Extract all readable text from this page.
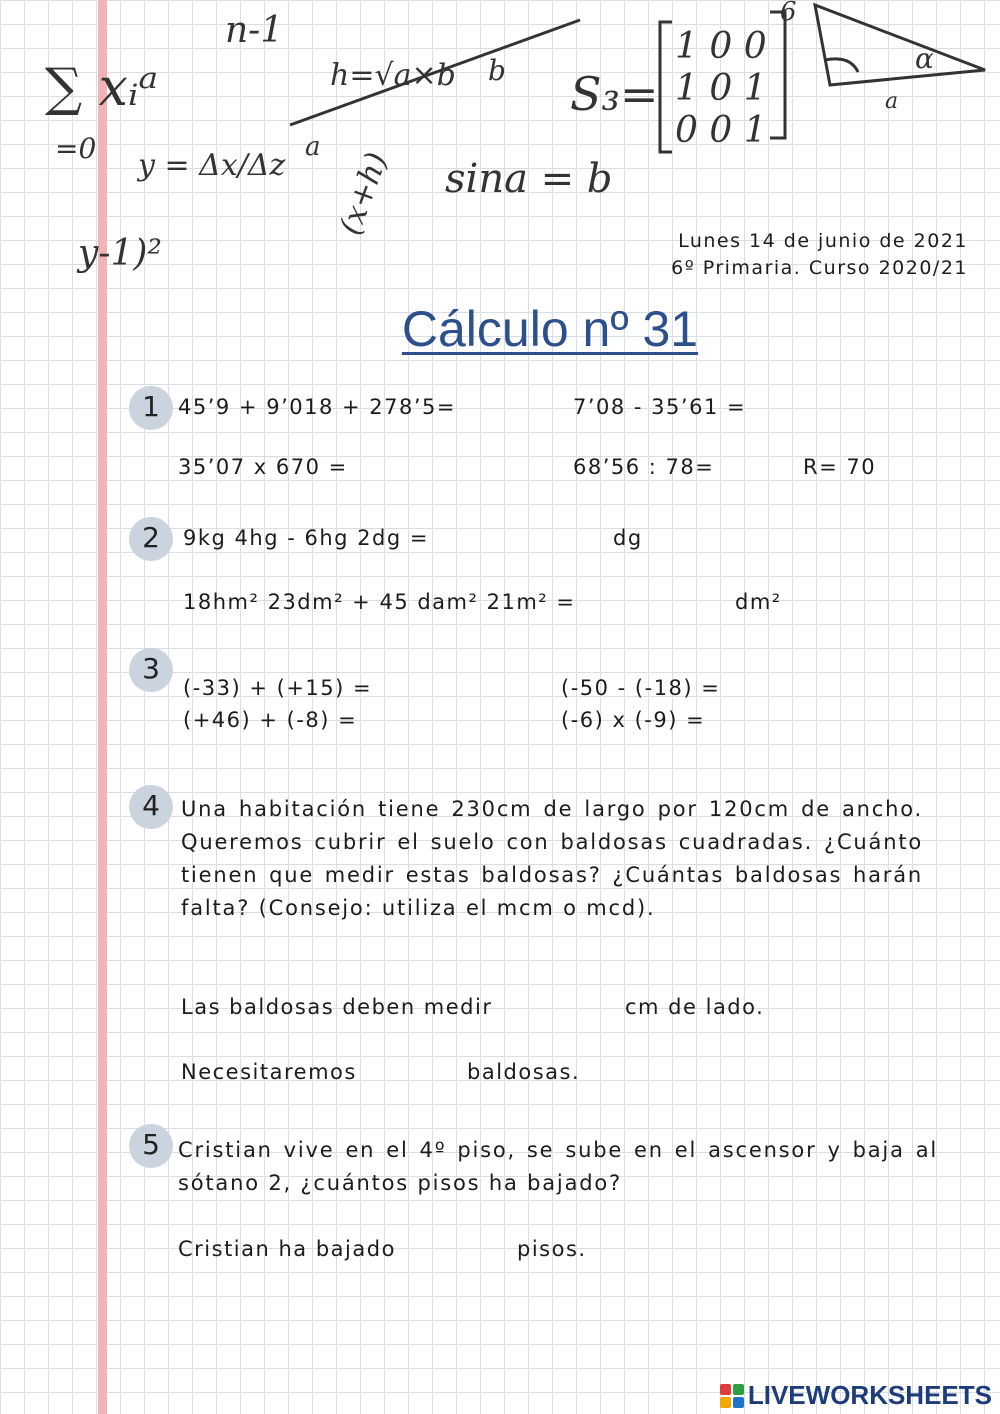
∑ xᵢᵃ
=0
n-1
y = Δx/Δz
h=√a×b b
a
(x+h)
y-1)²
sina = b
S₃=
1 0 0
1 0 1
0 0 1
6
α
a
Lunes 14 de junio de 2021
6º Primaria. Curso 2020/21
Cálculo nº 31
1 45’9 + 9’018 + 278’5=	7’08 - 35’61 =
35’07 x 670 =	68’56 : 78=	R= 70
2	9kg 4hg - 6hg 2dg =	dg
18hm² 23dm² + 45 dam² 21m² =	dm²
3
(-33) + (+15) =	(-50 - (-18) =
(+46) + (-8) =	(-6) x (-9) =
4	Una habitación tiene 230cm de largo por 120cm de ancho. Queremos cubrir el suelo con baldosas cuadradas. ¿Cuánto tienen que medir estas baldosas? ¿Cuántas baldosas harán falta? (Consejo: utiliza el mcm o mcd).
Las baldosas deben medir	cm de lado.
Necesitaremos	baldosas.
5 Cristian vive en el 4º piso, se sube en el ascensor y baja al sótano 2, ¿cuántos pisos ha bajado?
Cristian ha bajado	pisos.
LIVEWORKSHEETS
